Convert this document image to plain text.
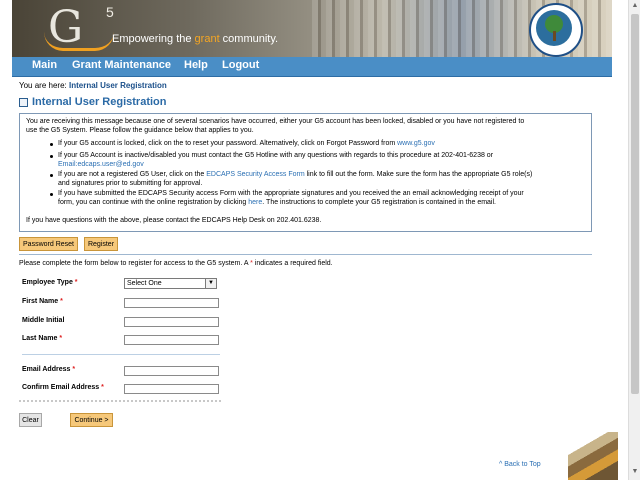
G 5
Empowering the grant community.
Main Grant Maintenance Help Logout
You are here: Internal User Registration
Internal User Registration
You are receiving this message because one of several scenarios have occurred, either your G5 account has been locked, disabled or you have not registered to
use the G5 System. Please follow the guidance below that applies to you.
If your G5 account is locked, click on the to reset your password. Alternatively, click on Forgot Password from www.g5.gov
If your G5 Account is inactive/disabled you must contact the G5 Hotline with any questions with regards to this procedure at 202-401-6238 or
Email:edcaps.user@ed.gov
If you are not a registered G5 User, click on the EDCAPS Security Access Form link to fill out the form. Make sure the form has the appropriate G5 role(s)
and signatures prior to submitting for approval.
If you have submitted the EDCAPS Security access Form with the appropriate signatures and you received the an email acknowledging receipt of your
form, you can continue with the online registration by clicking here. The instructions to complete your G5 registration is contained in the email.
If you have questions with the above, please contact the EDCAPS Help Desk on 202.401.6238.
Password Reset	Register
Please complete the form below to register for access to the G5 system. A * indicates a required field.
Employee Type *	Select One	▼
First Name *
Middle Initial
Last Name *
Email Address *
Confirm Email Address *
Clear	Continue >
^ Back to Top
▲
▼
